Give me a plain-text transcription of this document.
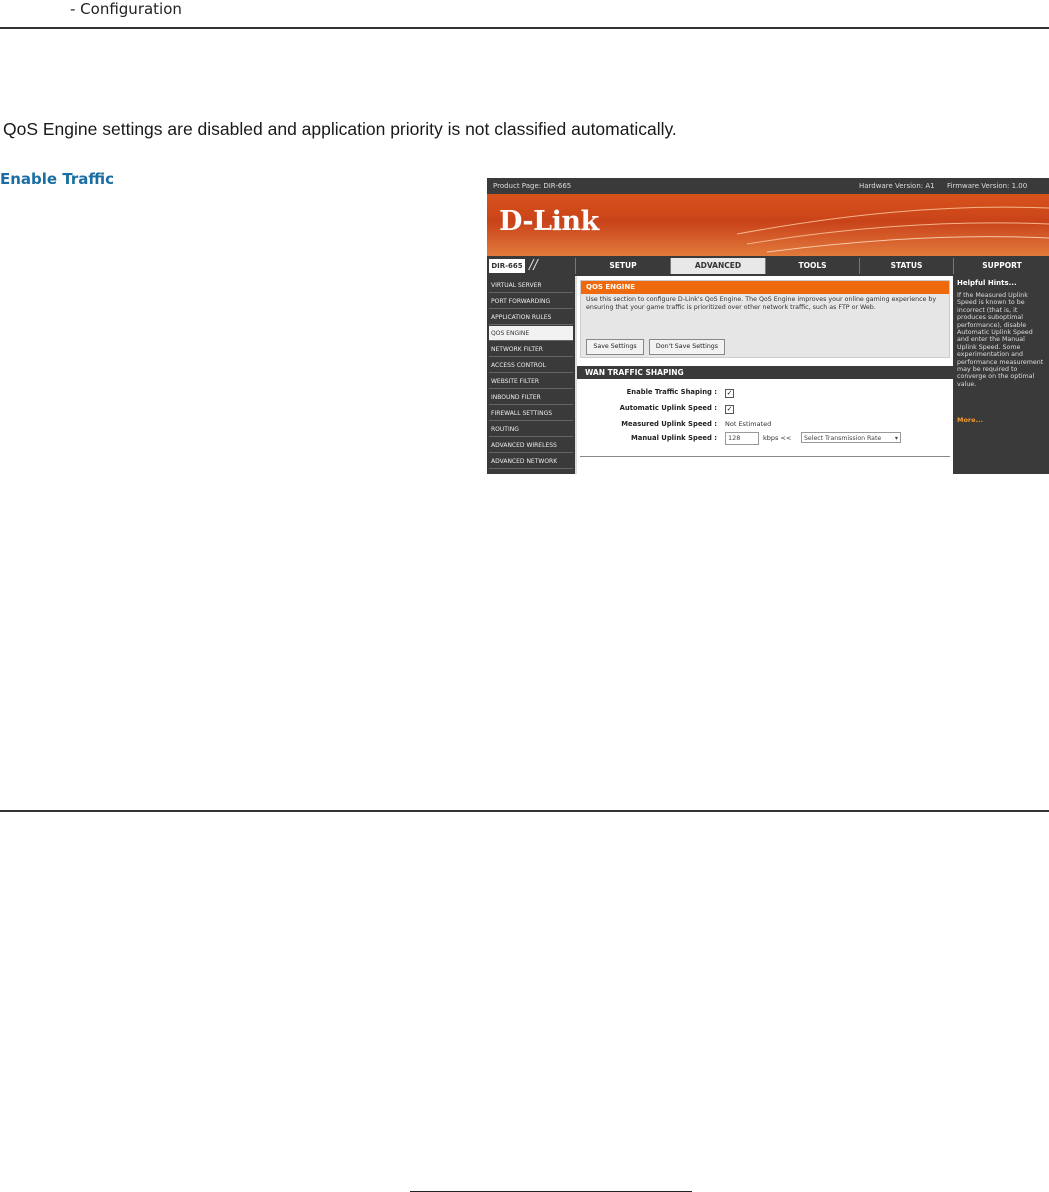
- Configuration
QoS Engine settings are disabled and application priority is not classified automatically.
Enable Traffic	Product Page: DIR-665	Hardware Version: A1 Firmware Version: 1.00
D-Link
SETUP	ADVANCED	TOOLS	STATUS	SUPPORT
DIR-665 //
VIRTUAL SERVER
PORT FORWARDING
APPLICATION RULES
QOS ENGINE
NETWORK FILTER
ACCESS CONTROL
WEBSITE FILTER
INBOUND FILTER
FIREWALL SETTINGS
ROUTING
ADVANCED WIRELESS
ADVANCED NETWORK
QOS ENGINE
Use this section to configure D-Link's QoS Engine. The QoS Engine improves your online gaming experience by ensuring that your game traffic is prioritized over other network traffic, such as FTP or Web.
Save Settings	Don't Save Settings
WAN TRAFFIC SHAPING
Enable Traffic Shaping : ✓
Automatic Uplink Speed : ✓
Measured Uplink Speed : Not Estimated
Manual Uplink Speed :	128	kbps <<	Select Transmission Rate ▾
Helpful Hints...
If the Measured Uplink Speed is known to be incorrect (that is, it produces suboptimal performance), disable Automatic Uplink Speed and enter the Manual Uplink Speed. Some experimentation and performance measurement may be required to converge on the optimal value.
More...
